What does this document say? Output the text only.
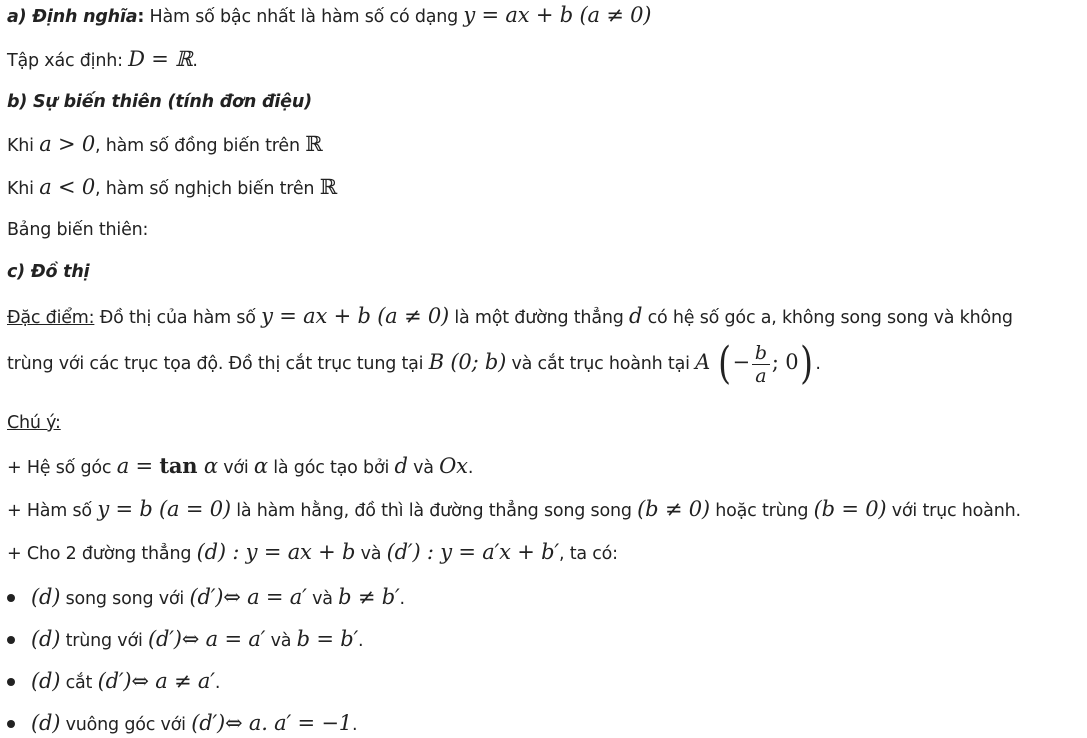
a) Định nghĩa: Hàm số bậc nhất là hàm số có dạng y = ax + b (a ≠ 0)
Tập xác định: D = ℝ.
b) Sự biến thiên (tính đơn điệu)
Khi a > 0, hàm số đồng biến trên ℝ
Khi a < 0, hàm số nghịch biến trên ℝ
Bảng biến thiên:
c) Đồ thị
Đặc điểm: Đồ thị của hàm số y = ax + b (a ≠ 0) là một đường thẳng d có hệ số góc a, không song song và không
trùng với các trục tọa độ. Đồ thị cắt trục tung tại B (0; b) và cắt trục hoành tại A ( − $\frac{b}{a}$ ; 0) .
Chú ý:
+ Hệ số góc a = tan α với α là góc tạo bởi d và Ox.
+ Hàm số y = b (a = 0) là hàm hằng, đồ thì là đường thẳng song song (b ≠ 0) hoặc trùng (b = 0) với trục hoành.
+ Cho 2 đường thẳng (d) : y = ax + b và (d′) : y = a′x + b′, ta có:
(d) song song với (d′)⇔ a = a′ và b ≠ b′.
(d) trùng với (d′)⇔ a = a′ và b = b′.
(d) cắt (d′)⇔ a ≠ a′.
(d) vuông góc với (d′)⇔ a. a′ = −1.
